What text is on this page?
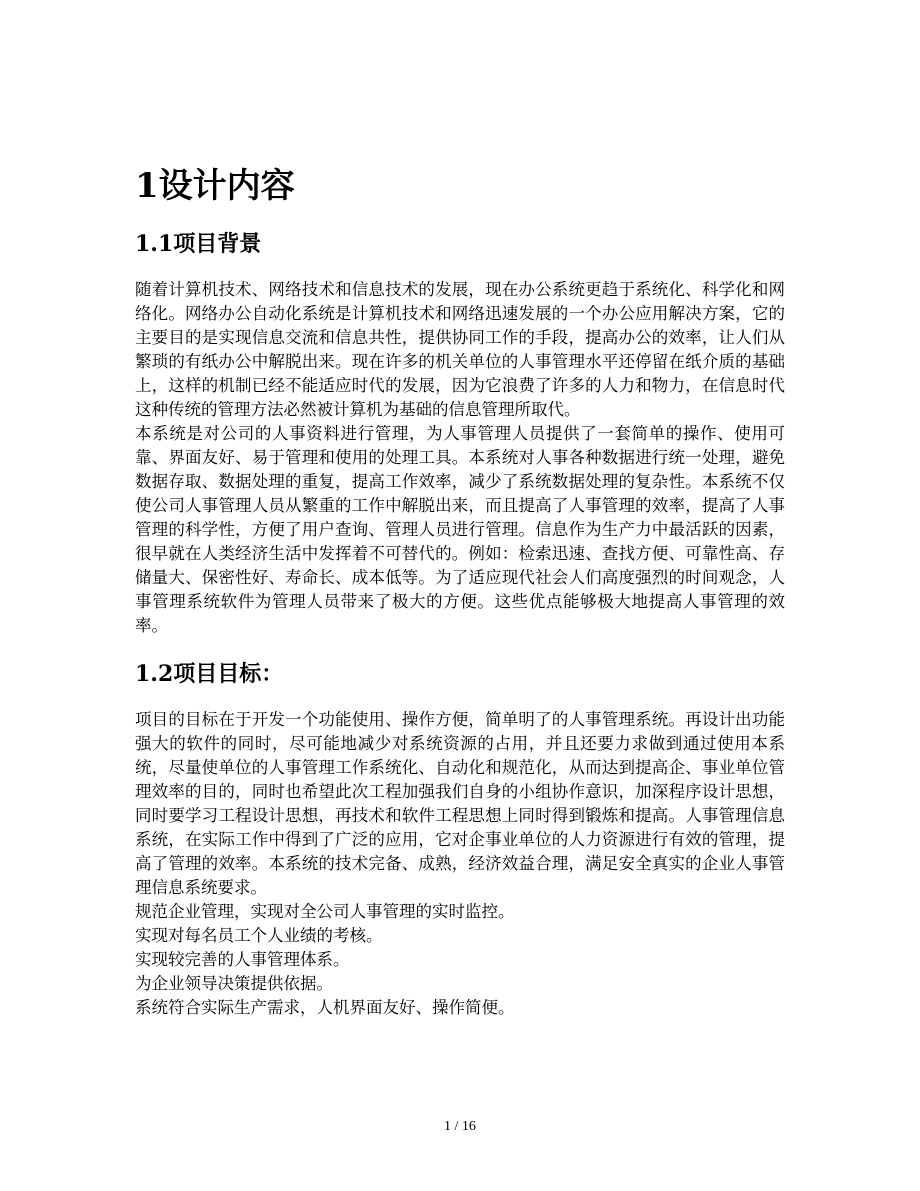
1设计内容
1.1项目背景

随着计算机技术、网络技术和信息技术的发展，现在办公系统更趋于系统化、科学化和网络化。网络办公自动化系统是计算机技术和网络迅速发展的一个办公应用解决方案，它的主要目的是实现信息交流和信息共性，提供协同工作的手段，提高办公的效率，让人们从繁琐的有纸办公中解脱出来。现在许多的机关单位的人事管理水平还停留在纸介质的基础上，这样的机制已经不能适应时代的发展，因为它浪费了许多的人力和物力，在信息时代这种传统的管理方法必然被计算机为基础的信息管理所取代。

本系统是对公司的人事资料进行管理，为人事管理人员提供了一套简单的操作、使用可靠、界面友好、易于管理和使用的处理工具。本系统对人事各种数据进行统一处理，避免数据存取、数据处理的重复，提高工作效率，减少了系统数据处理的复杂性。本系统不仅使公司人事管理人员从繁重的工作中解脱出来，而且提高了人事管理的效率，提高了人事管理的科学性，方便了用户查询、管理人员进行管理。信息作为生产力中最活跃的因素，很早就在人类经济生活中发挥着不可替代的。例如：检索迅速、查找方便、可靠性高、存储量大、保密性好、寿命长、成本低等。为了适应现代社会人们高度强烈的时间观念，人事管理系统软件为管理人员带来了极大的方便。这些优点能够极大地提高人事管理的效率。

1.2项目目标：

项目的目标在于开发一个功能使用、操作方便，简单明了的人事管理系统。再设计出功能强大的软件的同时，尽可能地减少对系统资源的占用，并且还要力求做到通过使用本系统，尽量使单位的人事管理工作系统化、自动化和规范化，从而达到提高企、事业单位管理效率的目的，同时也希望此次工程加强我们自身的小组协作意识，加深程序设计思想，同时要学习工程设计思想，再技术和软件工程思想上同时得到锻炼和提高。人事管理信息系统，在实际工作中得到了广泛的应用，它对企事业单位的人力资源进行有效的管理，提高了管理的效率。本系统的技术完备、成熟，经济效益合理，满足安全真实的企业人事管理信息系统要求。

规范企业管理，实现对全公司人事管理的实时监控。

实现对每名员工个人业绩的考核。

实现较完善的人事管理体系。

为企业领导决策提供依据。

系统符合实际生产需求，人机界面友好、操作简便。

1 / 16
